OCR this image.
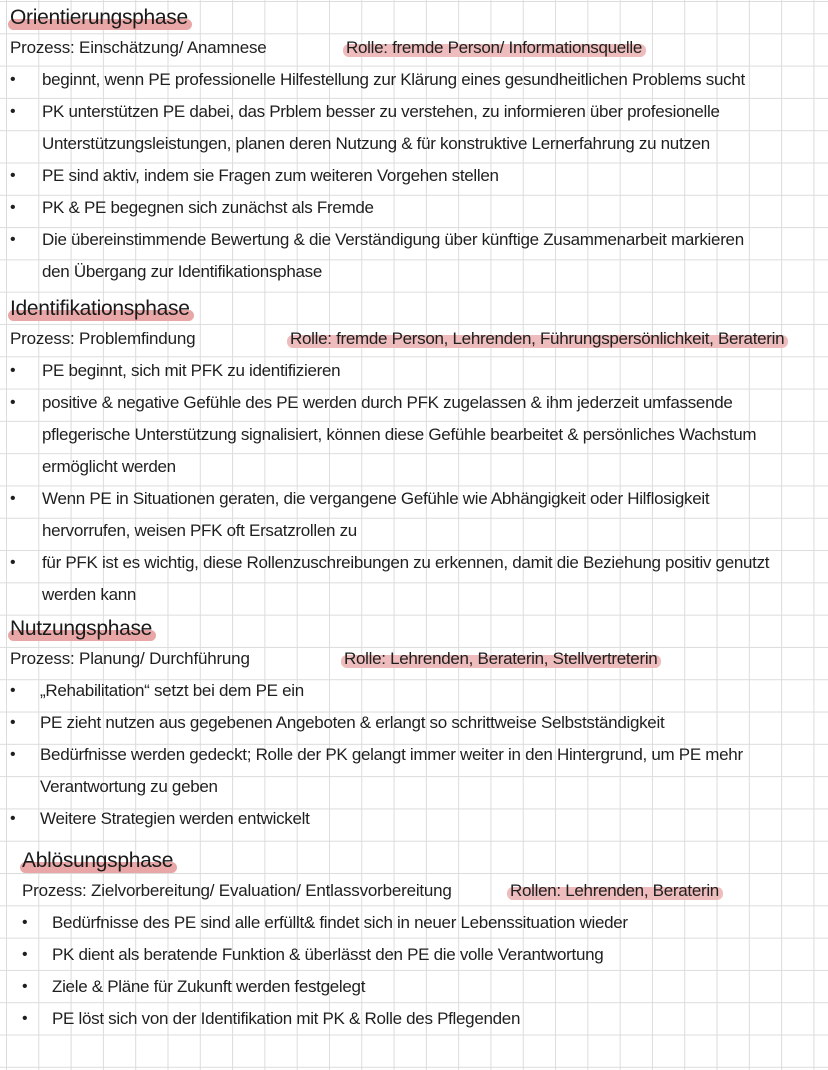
Orientierungsphase
Prozess: Einschätzung/ Anamnese	Rolle: fremde Person/ Informationsquelle
•	beginnt, wenn PE professionelle Hilfestellung zur Klärung eines gesundheitlichen Problems sucht
•	PK unterstützen PE dabei, das Prblem besser zu verstehen, zu informieren über profesionelle
Unterstützungsleistungen, planen deren Nutzung & für konstruktive Lernerfahrung zu nutzen
•	PE sind aktiv, indem sie Fragen zum weiteren Vorgehen stellen
•	PK & PE begegnen sich zunächst als Fremde
•	Die übereinstimmende Bewertung & die Verständigung über künftige Zusammenarbeit markieren
den Übergang zur Identifikationsphase
Identifikationsphase
Prozess: Problemfindung	Rolle: fremde Person, Lehrenden, Führungspersönlichkeit, Beraterin
•	PE beginnt, sich mit PFK zu identifizieren
•	positive & negative Gefühle des PE werden durch PFK zugelassen & ihm jederzeit umfassende
pflegerische Unterstützung signalisiert, können diese Gefühle bearbeitet & persönliches Wachstum
ermöglicht werden
•	Wenn PE in Situationen geraten, die vergangene Gefühle wie Abhängigkeit oder Hilflosigkeit
hervorrufen, weisen PFK oft Ersatzrollen zu
•	für PFK ist es wichtig, diese Rollenzuschreibungen zu erkennen, damit die Beziehung positiv genutzt
werden kann
Nutzungsphase
Prozess: Planung/ Durchführung	Rolle: Lehrenden, Beraterin, Stellvertreterin
•	„Rehabilitation“ setzt bei dem PE ein
•	PE zieht nutzen aus gegebenen Angeboten & erlangt so schrittweise Selbstständigkeit
•	Bedürfnisse werden gedeckt; Rolle der PK gelangt immer weiter in den Hintergrund, um PE mehr
Verantwortung zu geben
•	Weitere Strategien werden entwickelt
Ablösungsphase
Prozess: Zielvorbereitung/ Evaluation/ Entlassvorbereitung	Rollen: Lehrenden, Beraterin
•	Bedürfnisse des PE sind alle erfüllt& findet sich in neuer Lebenssituation wieder
•	PK dient als beratende Funktion & überlässt den PE die volle Verantwortung
•	Ziele & Pläne für Zukunft werden festgelegt
•	PE löst sich von der Identifikation mit PK & Rolle des Pflegenden
